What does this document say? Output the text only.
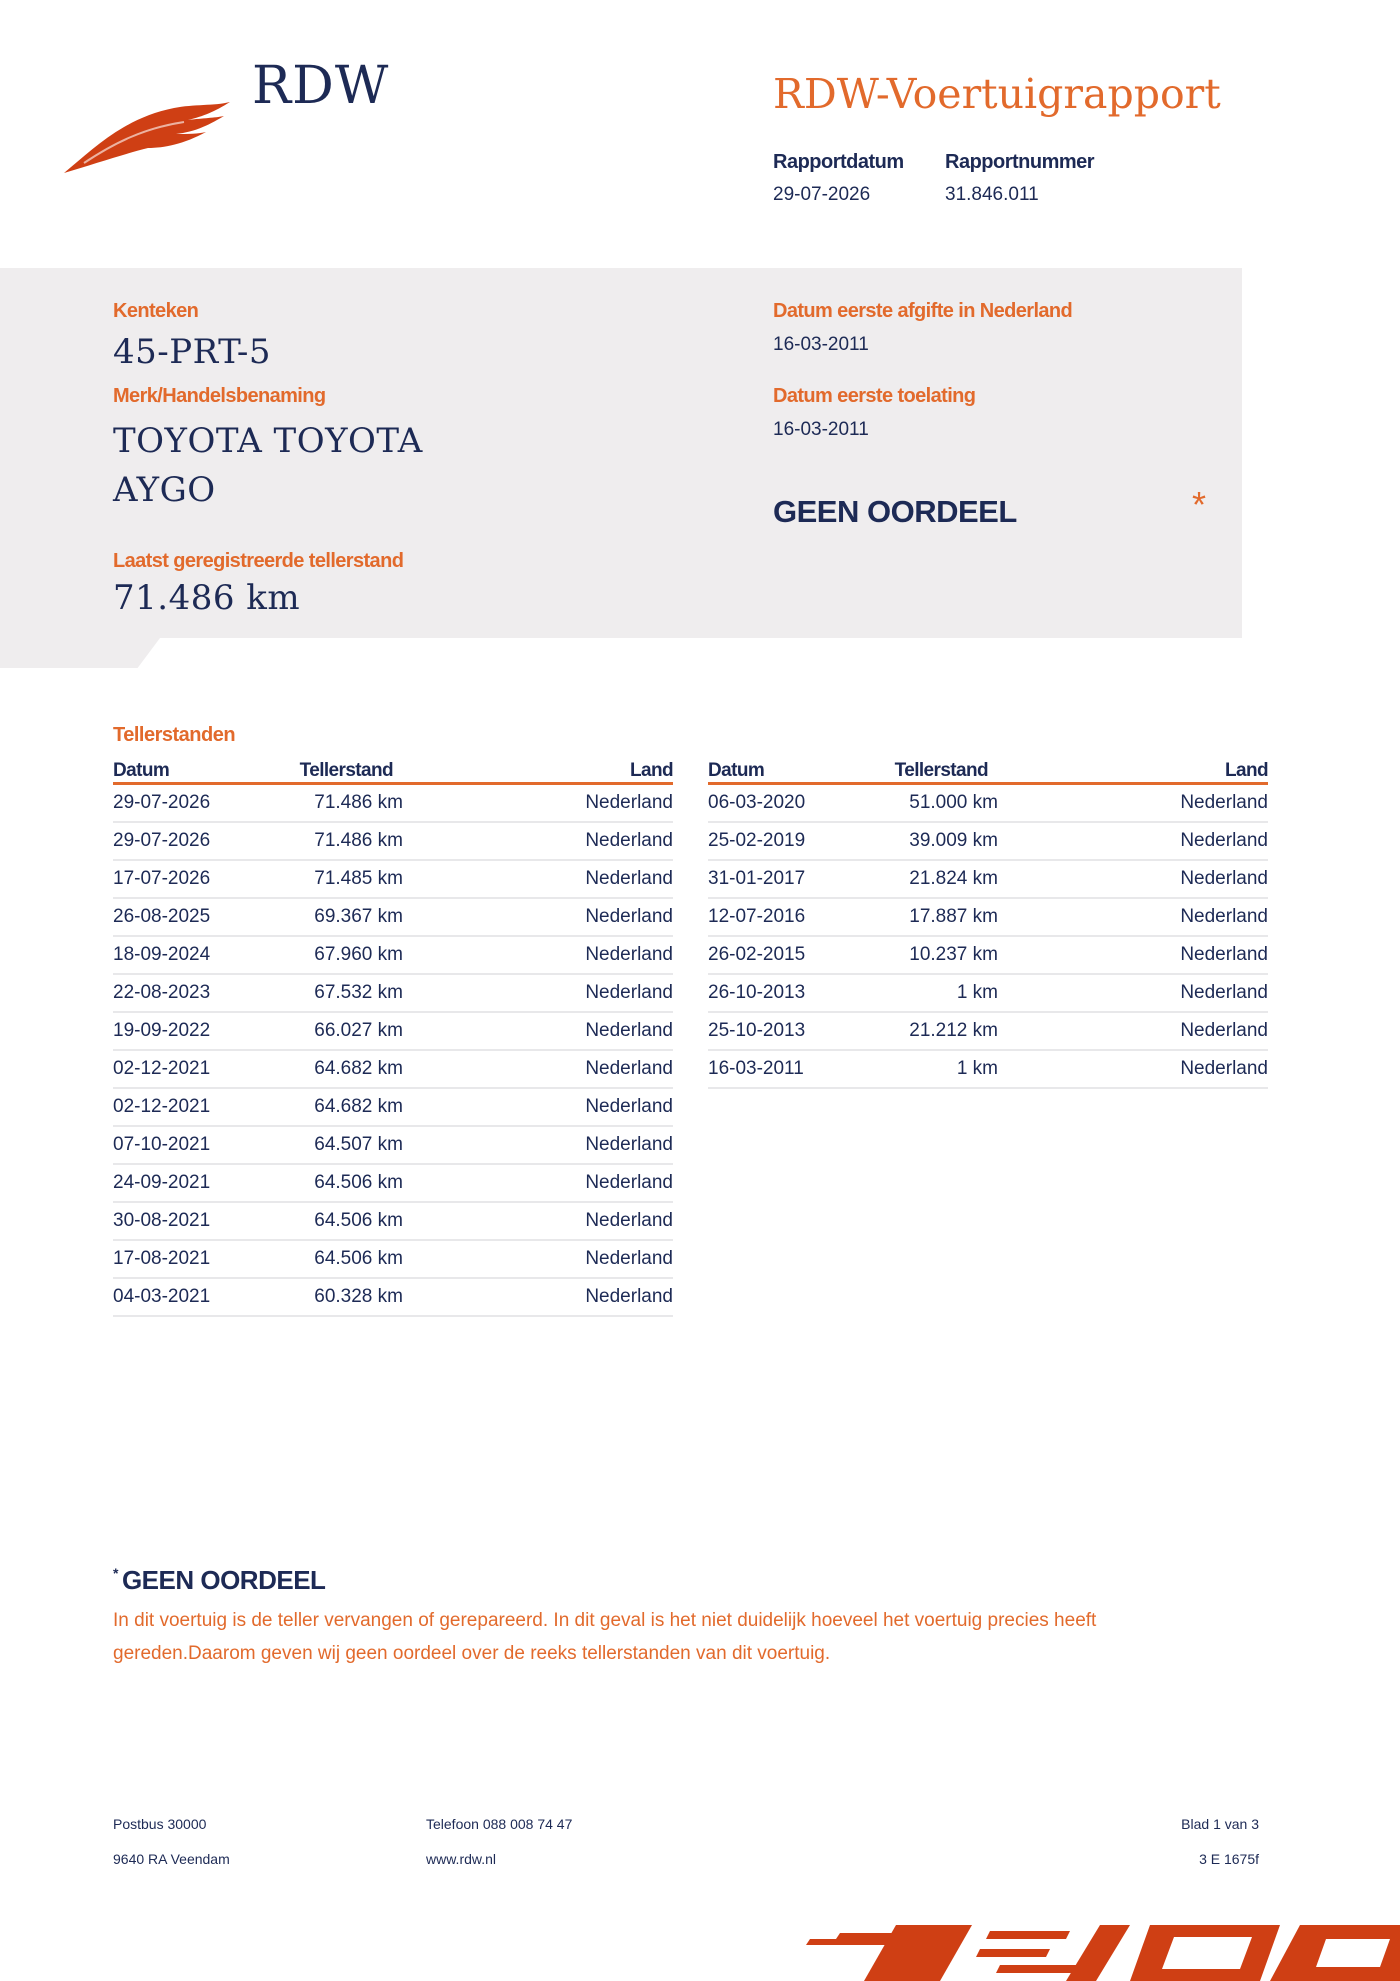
RDW	RDW-Voertuigrapport
Rapportdatum
29-07-2026
Rapportnummer
31.846.011
Kenteken
45-PRT-5
Merk/Handelsbenaming
TOYOTA TOYOTA
AYGO
Laatst geregistreerde tellerstand
71.486 km
Datum eerste afgifte in Nederland
16-03-2011
Datum eerste toelating
16-03-2011
GEEN OORDEEL	*
Tellerstanden
Datum	Tellerstand	Land
29-07-2026	71.486 km	Nederland
29-07-2026	71.486 km	Nederland
17-07-2026	71.485 km	Nederland
26-08-2025	69.367 km	Nederland
18-09-2024	67.960 km	Nederland
22-08-2023	67.532 km	Nederland
19-09-2022	66.027 km	Nederland
02-12-2021	64.682 km	Nederland
02-12-2021	64.682 km	Nederland
07-10-2021	64.507 km	Nederland
24-09-2021	64.506 km	Nederland
30-08-2021	64.506 km	Nederland
17-08-2021	64.506 km	Nederland
04-03-2021	60.328 km	Nederland
Datum	Tellerstand	Land
06-03-2020	51.000 km	Nederland
25-02-2019	39.009 km	Nederland
31-01-2017	21.824 km	Nederland
12-07-2016	17.887 km	Nederland
26-02-2015	10.237 km	Nederland
26-10-2013	1 km	Nederland
25-10-2013	21.212 km	Nederland
16-03-2011	1 km	Nederland
* GEEN OORDEEL
In dit voertuig is de teller vervangen of gerepareerd. In dit geval is het niet duidelijk hoeveel het voertuig precies heeft gereden.Daarom geven wij geen oordeel over de reeks tellerstanden van dit voertuig.
Postbus 30000
9640 RA Veendam
Telefoon 088 008 74 47
www.rdw.nl
Blad 1 van 3
3 E 1675f
